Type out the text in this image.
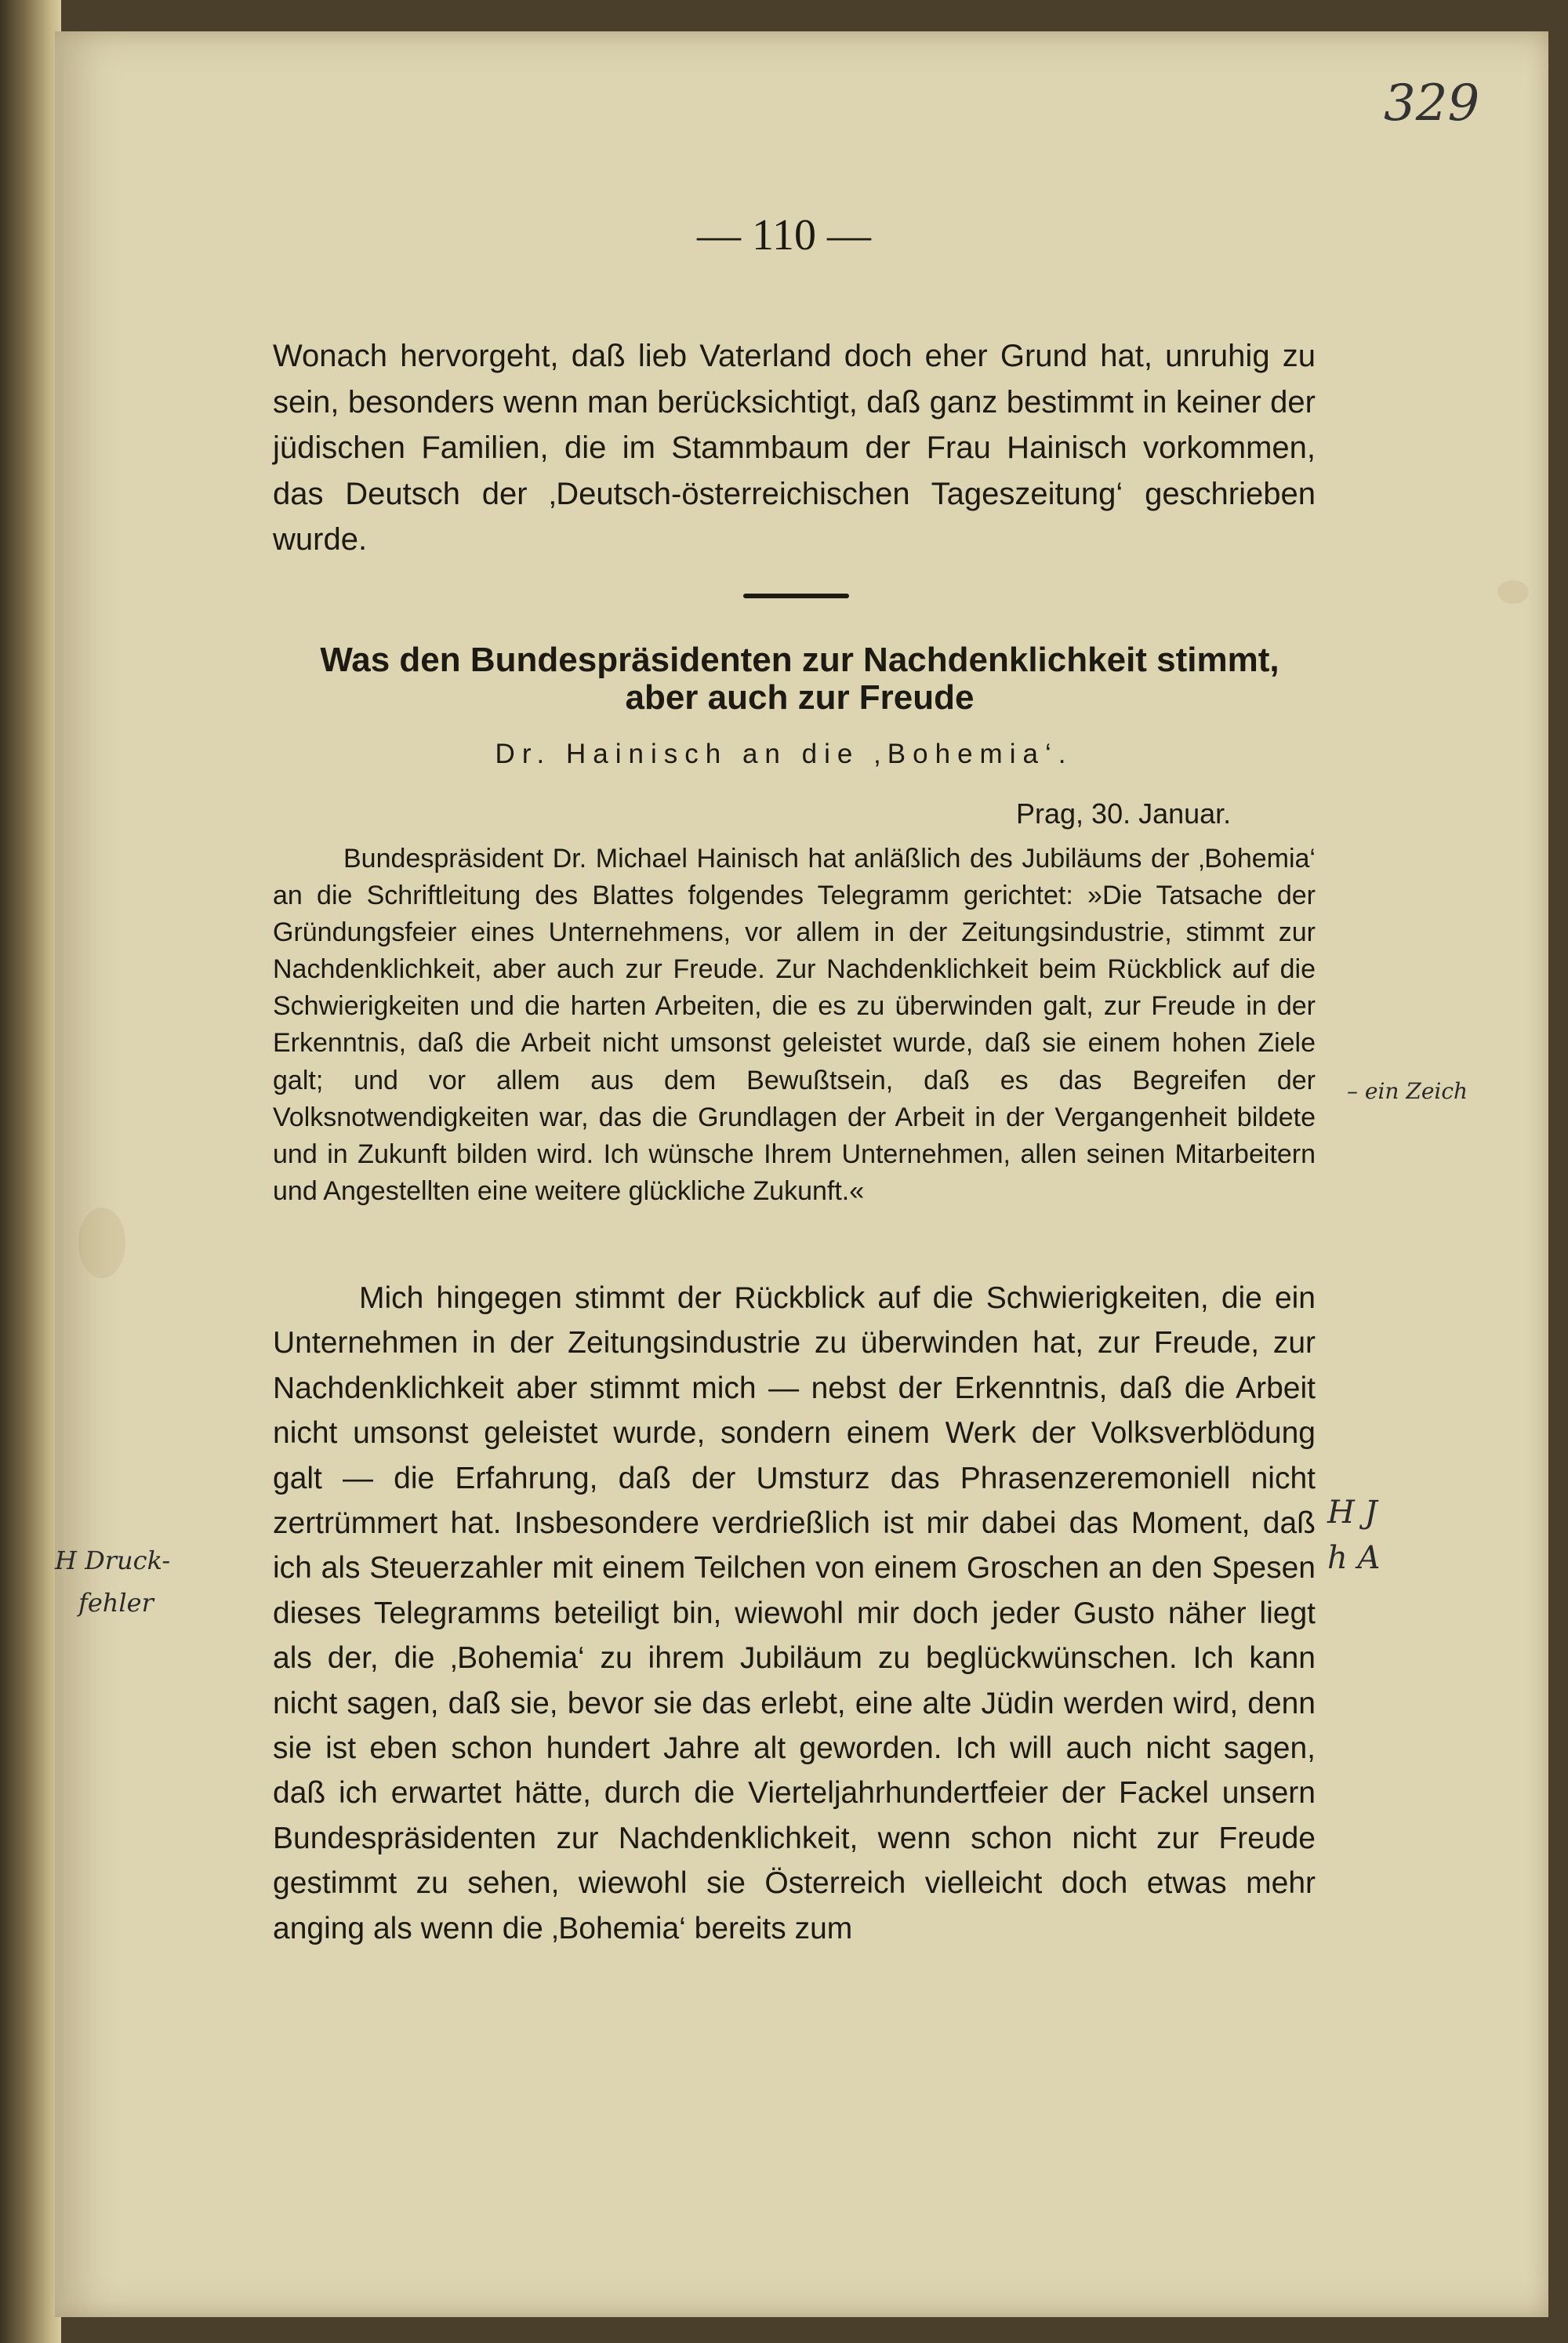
329
— 110 —
Wonach hervorgeht, daß lieb Vaterland doch eher Grund hat, unruhig zu sein, besonders wenn man berücksichtigt, daß ganz bestimmt in keiner der jüdischen Familien, die im Stammbaum der Frau Hainisch vorkommen, das Deutsch der ‚Deutsch-österreichischen Tageszeitung‘ geschrieben wurde.
Was den Bundespräsidenten zur Nachdenklichkeit stimmt,
aber auch zur Freude
Dr. Hainisch an die ‚Bohemia‘.
Prag, 30. Januar.
Bundespräsident Dr. Michael Hainisch hat anläßlich des Jubiläums der ‚Bohemia‘ an die Schriftleitung des Blattes folgendes Telegramm gerichtet: »Die Tatsache der Gründungsfeier eines Unternehmens, vor allem in der Zeitungsindustrie, stimmt zur Nachdenklichkeit, aber auch zur Freude. Zur Nachdenklichkeit beim Rückblick auf die Schwierigkeiten und die harten Arbeiten, die es zu überwinden galt, zur Freude in der Erkenntnis, daß die Arbeit nicht umsonst geleistet wurde, daß sie einem hohen Ziele galt; und vor allem aus dem Bewußtsein, daß es das Begreifen der Volksnotwendigkeiten war, das die Grundlagen der Arbeit in der Vergangenheit bildete und in Zukunft bilden wird. Ich wünsche Ihrem Unternehmen, allen seinen Mitarbeitern und Angestellten eine weitere glückliche Zukunft.«
Mich hingegen stimmt der Rückblick auf die Schwierigkeiten, die ein Unternehmen in der Zeitungsindustrie zu überwinden hat, zur Freude, zur Nachdenklichkeit aber stimmt mich — nebst der Erkenntnis, daß die Arbeit nicht umsonst geleistet wurde, sondern einem Werk der Volksverblödung galt — die Erfahrung, daß der Umsturz das Phrasenzeremoniell nicht zertrümmert hat. Insbesondere verdrießlich ist mir dabei das Moment, daß ich als Steuerzahler mit einem Teilchen von einem Groschen an den Spesen dieses Telegramms beteiligt bin, wiewohl mir doch jeder Gusto näher liegt als der, die ‚Bohemia‘ zu ihrem Jubiläum zu beglückwünschen. Ich kann nicht sagen, daß sie, bevor sie das erlebt, eine alte Jüdin werden wird, denn sie ist eben schon hundert Jahre alt geworden. Ich will auch nicht sagen, daß ich erwartet hätte, durch die Vierteljahrhundertfeier der Fackel unsern Bundespräsidenten zur Nachdenklichkeit, wenn schon nicht zur Freude gestimmt zu sehen, wiewohl sie Österreich vielleicht doch etwas mehr anging als wenn die ‚Bohemia‘ bereits zum
– ein Zeich
H J
h A
H Druck-
fehler
